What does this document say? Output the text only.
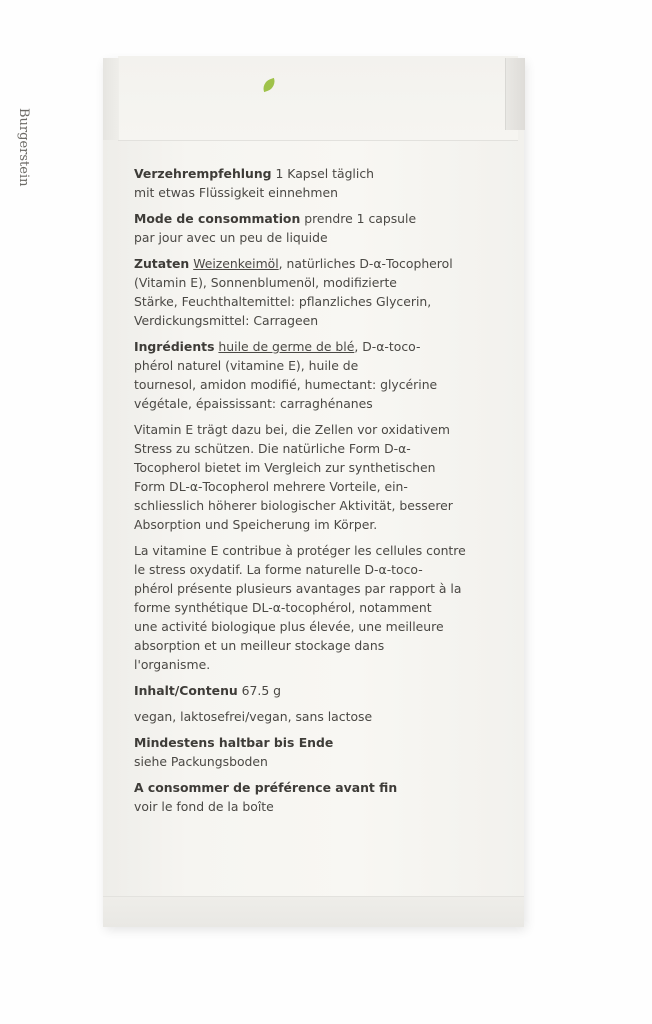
Burgerstein	Verzehrempfehlung 1 Kapsel täglich
mit etwas Flüssigkeit einnehmen
Mode de consommation prendre 1 capsule
par jour avec un peu de liquide
Zutaten Weizenkeimöl, natürliches D-α-Tocopherol
(Vitamin E), Sonnenblumenöl, modifizierte
Stärke, Feuchthaltemittel: pflanzliches Glycerin,
Verdickungsmittel: Carrageen
Ingrédients huile de germe de blé, D-α-toco-
phérol naturel (vitamine E), huile de
tournesol, amidon modifié, humectant: glycérine
végétale, épaississant: carraghénanes
Vitamin E trägt dazu bei, die Zellen vor oxidativem
Stress zu schützen. Die natürliche Form D-α-
Tocopherol bietet im Vergleich zur synthetischen
Form DL-α-Tocopherol mehrere Vorteile, ein-
schliesslich höherer biologischer Aktivität, besserer
Absorption und Speicherung im Körper.
La vitamine E contribue à protéger les cellules contre
le stress oxydatif. La forme naturelle D-α-toco-
phérol présente plusieurs avantages par rapport à la
forme synthétique DL-α-tocophérol, notamment
une activité biologique plus élevée, une meilleure
absorption et un meilleur stockage dans
l'organisme.
Inhalt/Contenu 67.5 g
vegan, laktosefrei/vegan, sans lactose
Mindestens haltbar bis Ende
siehe Packungsboden
A consommer de préférence avant fin
voir le fond de la boîte
